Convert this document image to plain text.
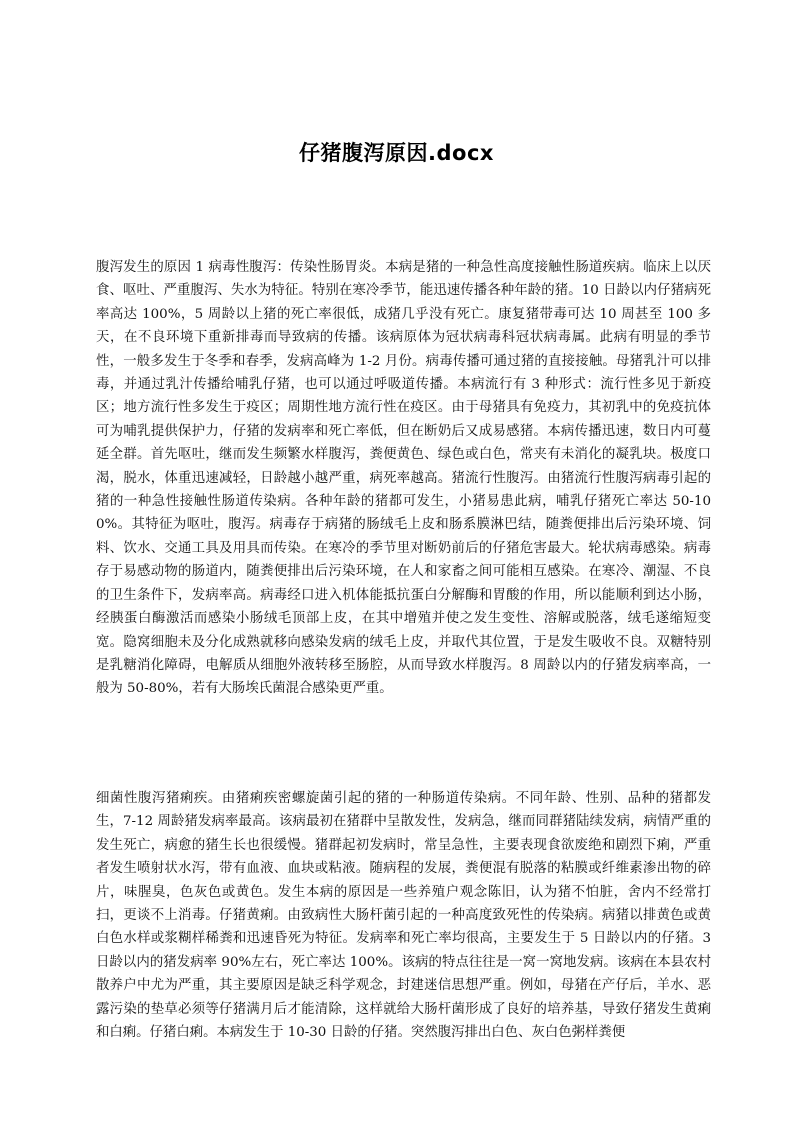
仔猪腹泻原因.docx

腹泻发生的原因 1 病毒性腹泻：传染性肠胃炎。本病是猪的一种急性高度接触性肠道疾病。临床上以厌食、呕吐、严重腹泻、失水为特征。特别在寒冷季节，能迅速传播各种年龄的猪。10 日龄以内仔猪病死率高达 100%，5 周龄以上猪的死亡率很低，成猪几乎没有死亡。康复猪带毒可达 10 周甚至 100 多天，在不良环境下重新排毒而导致病的传播。该病原体为冠状病毒科冠状病毒属。此病有明显的季节性，一般多发生于冬季和春季，发病高峰为 1-2 月份。病毒传播可通过猪的直接接触。母猪乳汁可以排毒，并通过乳汁传播给哺乳仔猪，也可以通过呼吸道传播。本病流行有 3 种形式：流行性多见于新疫区；地方流行性多发生于疫区；周期性地方流行性在疫区。由于母猪具有免疫力，其初乳中的免疫抗体可为哺乳提供保护力，仔猪的发病率和死亡率低，但在断奶后又成易感猪。本病传播迅速，数日内可蔓延全群。首先呕吐，继而发生频繁水样腹泻，粪便黄色、绿色或白色，常夹有未消化的凝乳块。极度口渴，脱水，体重迅速减轻，日龄越小越严重，病死率越高。猪流行性腹泻。由猪流行性腹泻病毒引起的猪的一种急性接触性肠道传染病。各种年龄的猪都可发生，小猪易患此病，哺乳仔猪死亡率达 50-100%。其特征为呕吐，腹泻。病毒存于病猪的肠绒毛上皮和肠系膜淋巴结，随粪便排出后污染环境、饲料、饮水、交通工具及用具而传染。在寒冷的季节里对断奶前后的仔猪危害最大。轮状病毒感染。病毒存于易感动物的肠道内，随粪便排出后污染环境，在人和家畜之间可能相互感染。在寒冷、潮湿、不良的卫生条件下，发病率高。病毒经口进入机体能抵抗蛋白分解酶和胃酸的作用，所以能顺利到达小肠，经胰蛋白酶激活而感染小肠绒毛顶部上皮，在其中增殖并使之发生变性、溶解或脱落，绒毛遂缩短变宽。隐窝细胞未及分化成熟就移向感染发病的绒毛上皮，并取代其位置，于是发生吸收不良。双糖特别是乳糖消化障碍，电解质从细胞外液转移至肠腔，从而导致水样腹泻。8 周龄以内的仔猪发病率高，一般为 50-80%，若有大肠埃氏菌混合感染更严重。

细菌性腹泻猪痢疾。由猪痢疾密螺旋菌引起的猪的一种肠道传染病。不同年龄、性别、品种的猪都发生，7-12 周龄猪发病率最高。该病最初在猪群中呈散发性，发病急，继而同群猪陆续发病，病情严重的发生死亡，病愈的猪生长也很缓慢。猪群起初发病时，常呈急性，主要表现食欲废绝和剧烈下痢，严重者发生喷射状水泻，带有血液、血块或粘液。随病程的发展，粪便混有脱落的粘膜或纤维素渗出物的碎片，味腥臭，色灰色或黄色。发生本病的原因是一些养殖户观念陈旧，认为猪不怕脏，舍内不经常打扫，更谈不上消毒。仔猪黄痢。由致病性大肠杆菌引起的一种高度致死性的传染病。病猪以排黄色或黄白色水样或浆糊样稀粪和迅速昏死为特征。发病率和死亡率均很高，主要发生于 5 日龄以内的仔猪。3 日龄以内的猪发病率 90%左右，死亡率达 100%。该病的特点往往是一窝一窝地发病。该病在本县农村散养户中尤为严重，其主要原因是缺乏科学观念，封建迷信思想严重。例如，母猪在产仔后，羊水、恶露污染的垫草必须等仔猪满月后才能清除，这样就给大肠杆菌形成了良好的培养基，导致仔猪发生黄痢和白痢。仔猪白痢。本病发生于 10-30 日龄的仔猪。突然腹泻排出白色、灰白色粥样粪便
